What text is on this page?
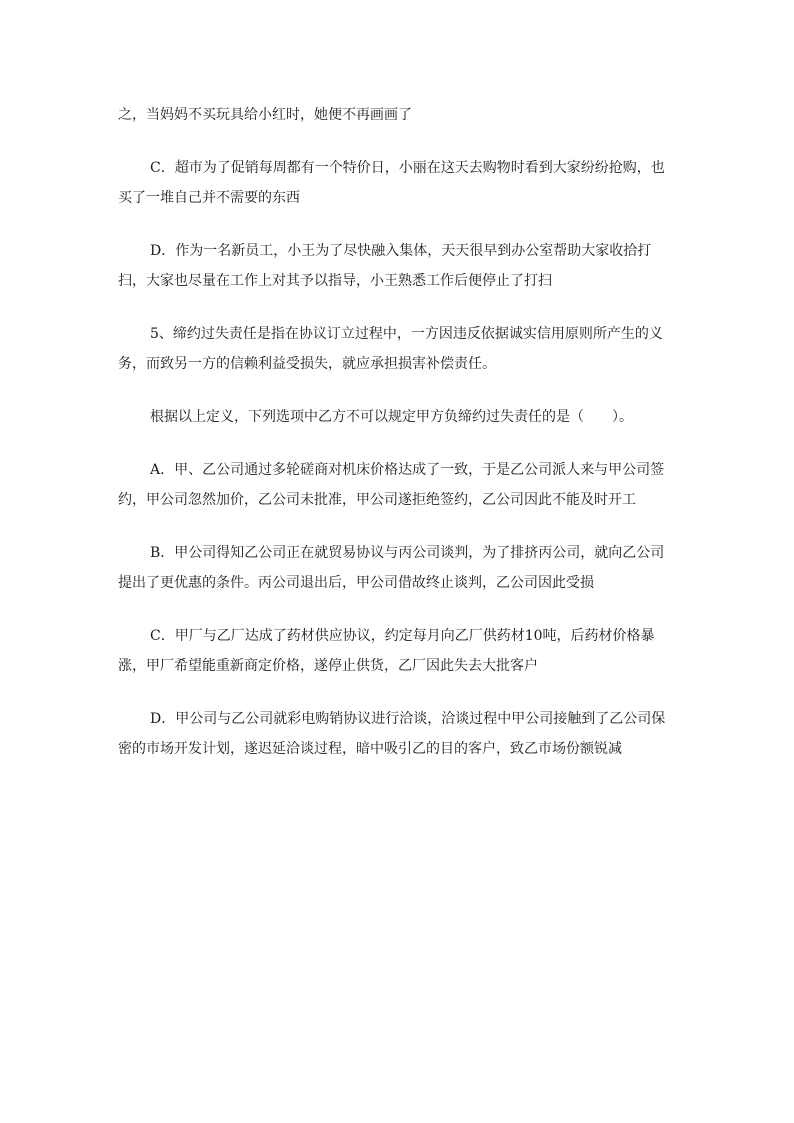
之，当妈妈不买玩具给小红时，她便不再画画了

C．超市为了促销每周都有一个特价日，小丽在这天去购物时看到大家纷纷抢购，也买了一堆自己并不需要的东西

D．作为一名新员工，小王为了尽快融入集体，天天很早到办公室帮助大家收拾打扫，大家也尽量在工作上对其予以指导，小王熟悉工作后便停止了打扫

5、缔约过失责任是指在协议订立过程中，一方因违反依据诚实信用原则所产生的义务，而致另一方的信赖利益受损失，就应承担损害补偿责任。

根据以上定义，下列选项中乙方不可以规定甲方负缔约过失责任的是（　　）。

A．甲、乙公司通过多轮磋商对机床价格达成了一致，于是乙公司派人来与甲公司签约，甲公司忽然加价，乙公司未批准，甲公司遂拒绝签约，乙公司因此不能及时开工

B．甲公司得知乙公司正在就贸易协议与丙公司谈判，为了排挤丙公司，就向乙公司提出了更优惠的条件。丙公司退出后，甲公司借故终止谈判，乙公司因此受损

C．甲厂与乙厂达成了药材供应协议，约定每月向乙厂供药材10吨，后药材价格暴涨，甲厂希望能重新商定价格，遂停止供货，乙厂因此失去大批客户

D．甲公司与乙公司就彩电购销协议进行洽谈，洽谈过程中甲公司接触到了乙公司保密的市场开发计划，遂迟延洽谈过程，暗中吸引乙的目的客户，致乙市场份额锐减
